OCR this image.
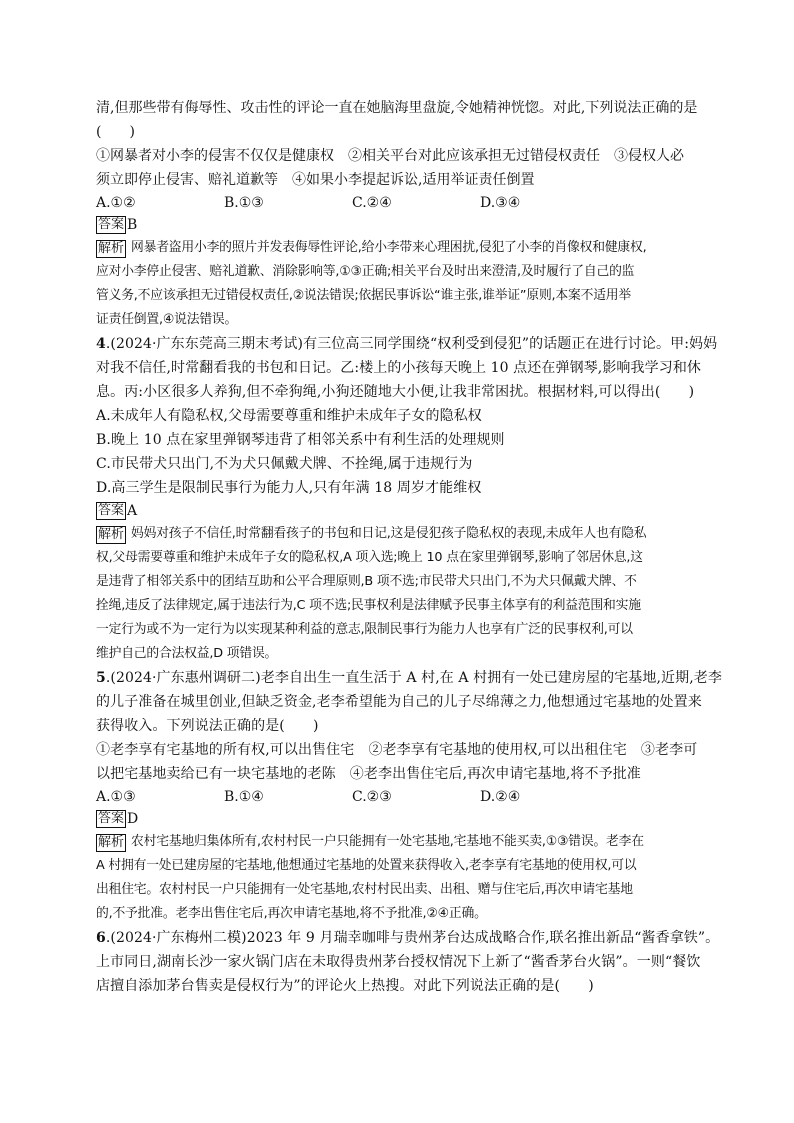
清,但那些带有侮辱性、攻击性的评论一直在她脑海里盘旋,令她精神恍惚。对此,下列说法正确的是
(　　)
①网暴者对小李的侵害不仅仅是健康权　②相关平台对此应该承担无过错侵权责任　③侵权人必
须立即停止侵害、赔礼道歉等　④如果小李提起诉讼,适用举证责任倒置
A.①②	B.①③	C.②④	D.③④
答案 B
解析 网暴者盗用小李的照片并发表侮辱性评论,给小李带来心理困扰,侵犯了小李的肖像权和健康权,
应对小李停止侵害、赔礼道歉、消除影响等,①③正确;相关平台及时出来澄清,及时履行了自己的监
管义务,不应该承担无过错侵权责任,②说法错误;依据民事诉讼“谁主张,谁举证”原则,本案不适用举
证责任倒置,④说法错误。
4.(2024·广东东莞高三期末考试)有三位高三同学围绕“权利受到侵犯”的话题正在进行讨论。甲:妈妈
对我不信任,时常翻看我的书包和日记。乙:楼上的小孩每天晚上 10 点还在弹钢琴,影响我学习和休
息。丙:小区很多人养狗,但不牵狗绳,小狗还随地大小便,让我非常困扰。根据材料,可以得出(　　)
A.未成年人有隐私权,父母需要尊重和维护未成年子女的隐私权
B.晚上 10 点在家里弹钢琴违背了相邻关系中有利生活的处理规则
C.市民带犬只出门,不为犬只佩戴犬牌、不拴绳,属于违规行为
D.高三学生是限制民事行为能力人,只有年满 18 周岁才能维权
答案 A
解析 妈妈对孩子不信任,时常翻看孩子的书包和日记,这是侵犯孩子隐私权的表现,未成年人也有隐私
权,父母需要尊重和维护未成年子女的隐私权,A 项入选;晚上 10 点在家里弹钢琴,影响了邻居休息,这
是违背了相邻关系中的团结互助和公平合理原则,B 项不选;市民带犬只出门,不为犬只佩戴犬牌、不
拴绳,违反了法律规定,属于违法行为,C 项不选;民事权利是法律赋予民事主体享有的利益范围和实施
一定行为或不为一定行为以实现某种利益的意志,限制民事行为能力人也享有广泛的民事权利,可以
维护自己的合法权益,D 项错误。
5.(2024·广东惠州调研二)老李自出生一直生活于 A 村,在 A 村拥有一处已建房屋的宅基地,近期,老李
的儿子准备在城里创业,但缺乏资金,老李希望能为自己的儿子尽绵薄之力,他想通过宅基地的处置来
获得收入。下列说法正确的是(　　)
①老李享有宅基地的所有权,可以出售住宅　②老李享有宅基地的使用权,可以出租住宅　③老李可
以把宅基地卖给已有一块宅基地的老陈　④老李出售住宅后,再次申请宅基地,将不予批准
A.①③	B.①④	C.②③	D.②④
答案 D
解析 农村宅基地归集体所有,农村村民一户只能拥有一处宅基地,宅基地不能买卖,①③错误。老李在
A 村拥有一处已建房屋的宅基地,他想通过宅基地的处置来获得收入,老李享有宅基地的使用权,可以
出租住宅。农村村民一户只能拥有一处宅基地,农村村民出卖、出租、赠与住宅后,再次申请宅基地
的,不予批准。老李出售住宅后,再次申请宅基地,将不予批准,②④正确。
6.(2024·广东梅州二模)2023 年 9 月瑞幸咖啡与贵州茅台达成战略合作,联名推出新品“酱香拿铁”。
上市同日,湖南长沙一家火锅门店在未取得贵州茅台授权情况下上新了“酱香茅台火锅”。一则“餐饮
店擅自添加茅台售卖是侵权行为”的评论火上热搜。对此下列说法正确的是(　　)
